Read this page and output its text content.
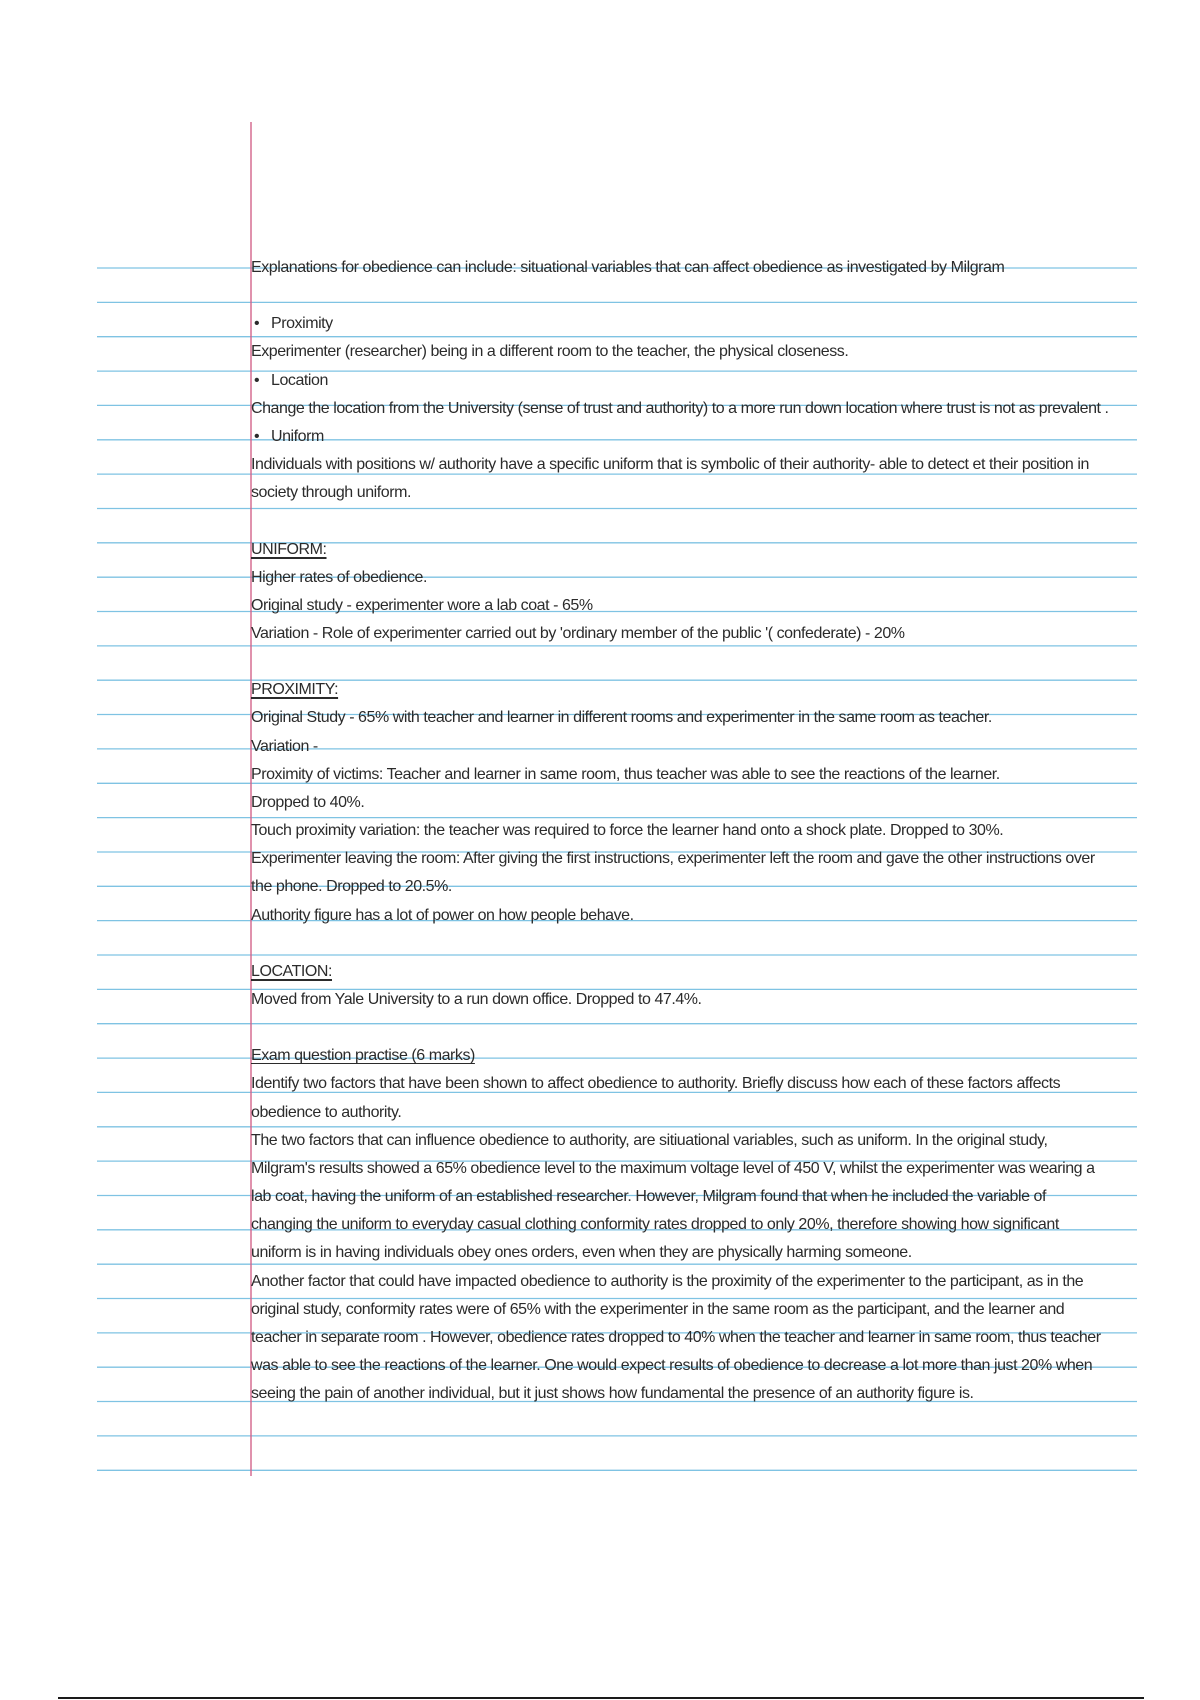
Explanations for obedience can include: situational variables that can affect obedience as investigated by Milgram

• Proximity

Experimenter (researcher) being in a different room to the teacher, the physical closeness.

• Location

Change the location from the University (sense of trust and authority) to a more run down location where trust is not as prevalent .

• Uniform

Individuals with positions w/ authority have a specific uniform that is symbolic of their authority- able to detect et their position in society through uniform.

UNIFORM:

Higher rates of obedience.

Original study - experimenter wore a lab coat - 65%

Variation - Role of experimenter carried out by 'ordinary member of the public '( confederate) - 20%

PROXIMITY:

Original Study - 65% with teacher and learner in different rooms and experimenter in the same room as teacher.

Variation -

Proximity of victims: Teacher and learner in same room, thus teacher was able to see the reactions of the learner.

Dropped to 40%.

Touch proximity variation: the teacher was required to force the learner hand onto a shock plate. Dropped to 30%.

Experimenter leaving the room: After giving the first instructions, experimenter left the room and gave the other instructions over the phone. Dropped to 20.5%.

Authority figure has a lot of power on how people behave.

LOCATION:

Moved from Yale University to a run down office. Dropped to 47.4%.

Exam question practise (6 marks)

Identify two factors that have been shown to affect obedience to authority. Briefly discuss how each of these factors affects obedience to authority.

The two factors that can influence obedience to authority, are sitiuational variables, such as uniform. In the original study, Milgram's results showed a 65% obedience level to the maximum voltage level of 450 V, whilst the experimenter was wearing a lab coat, having the uniform of an established researcher. However, Milgram found that when he included the variable of changing the uniform to everyday casual clothing conformity rates dropped to only 20%, therefore showing how significant uniform is in having individuals obey ones orders, even when they are physically harming someone.

Another factor that could have impacted obedience to authority is the proximity of the experimenter to the participant, as in the original study, conformity rates were of 65% with the experimenter in the same room as the participant, and the learner and teacher in separate room . However, obedience rates dropped to 40% when the teacher and learner in same room, thus teacher was able to see the reactions of the learner. One would expect results of obedience to decrease a lot more than just 20% when seeing the pain of another individual, but it just shows how fundamental the presence of an authority figure is.
